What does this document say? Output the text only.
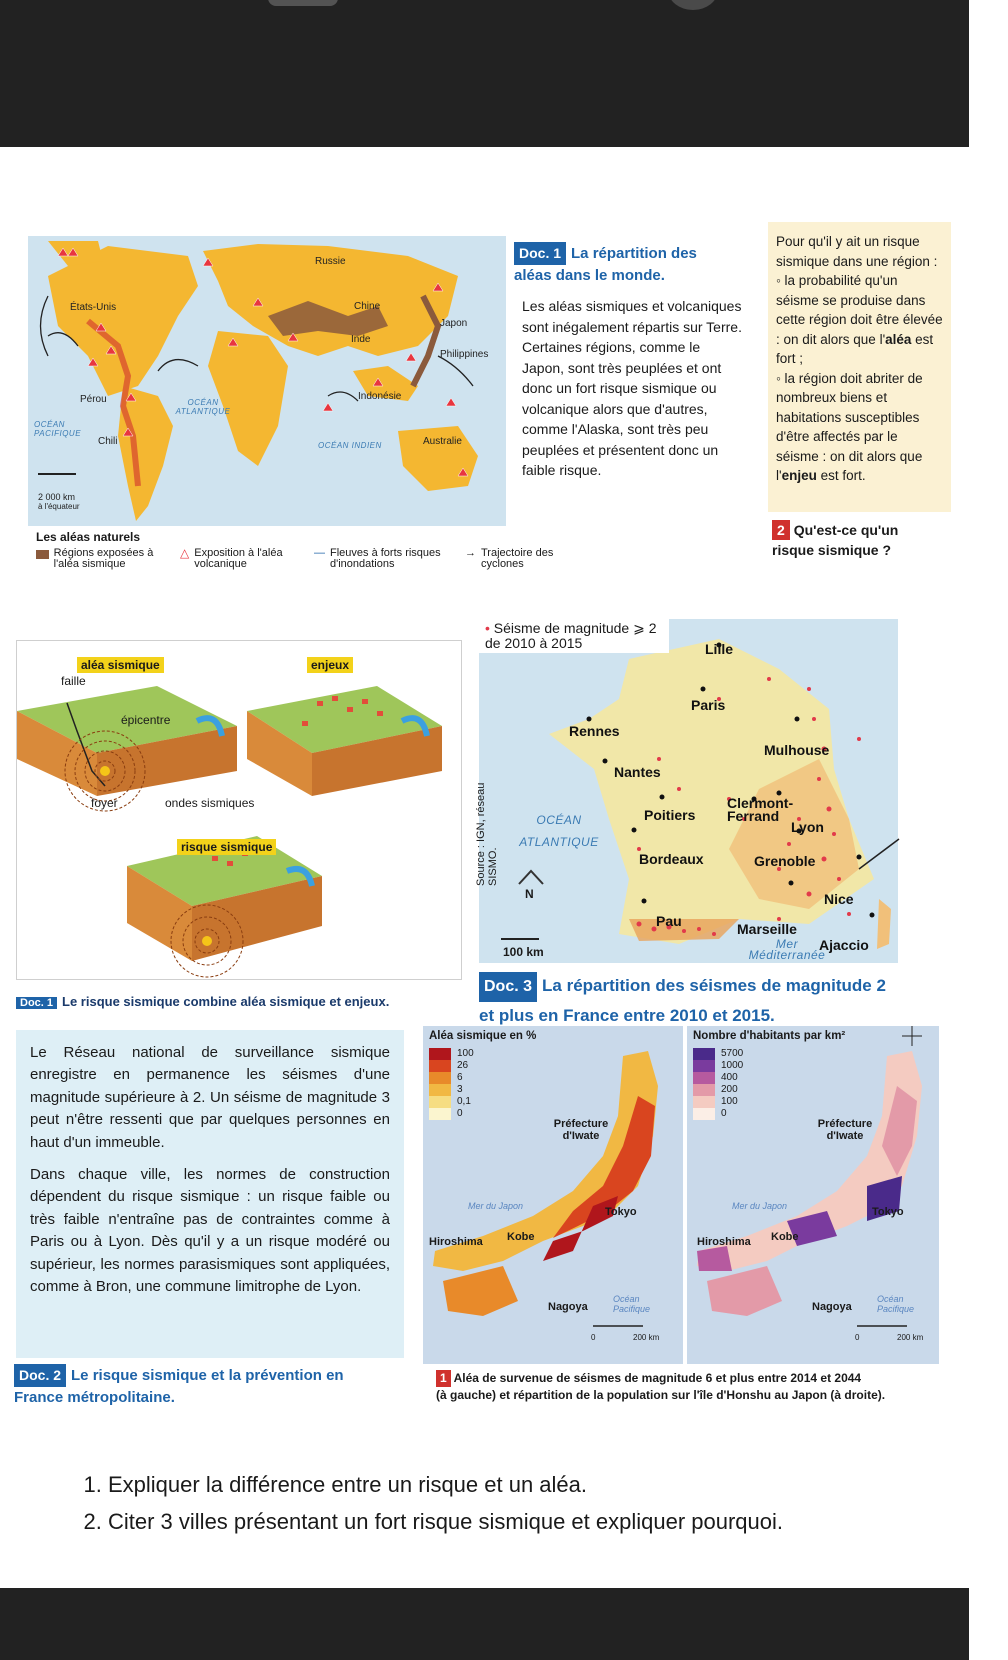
Russie
États-Unis	Chine
Japon
Inde
Philippines
Pérou	Indonésie
Chili	Australie
OCÉAN ATLANTIQUE
OCÉAN PACIFIQUE
OCÉAN INDIEN
2 000 km
à l'équateur
Doc. 1 La répartition des
aléas dans le monde.
Les aléas sismiques et volcaniques sont inégalement répartis sur Terre. Certaines régions, comme le Japon, sont très peuplées et ont donc un fort risque sismique ou volcanique alors que d'autres, comme l'Alaska, sont très peu peuplées et présentent donc un faible risque.
Pour qu'il y ait un risque sismique dans une région :
◦ la probabilité qu'un séisme se produise dans cette région doit être élevée : on dit alors que l'aléa est fort ;
◦ la région doit abriter de nombreux biens et habitations susceptibles d'être affectés par le séisme : on dit alors que l'enjeu est fort.
2 Qu'est-ce qu'un
risque sismique ?
Les aléas naturels
Régions exposées à l'aléa sismique
△ Exposition à l'aléa volcanique
— Fleuves à forts risques d'inondations
→ Trajectoire des cyclones
aléa sismique
faille
épicentre
foyer	ondes sismiques
enjeux
risque sismique
Doc. 1 Le risque sismique combine aléa sismique et enjeux.
• Séisme de magnitude ⩾ 2 de 2010 à 2015	Lille
Paris
Rennes
Mulhouse
Nantes
Poitiers
Clermont-Ferrand
Lyon
Bordeaux	Grenoble
Nice
Pau	Marseille
Ajaccio
OCÉAN ATLANTIQUE
Mer Méditerranée
Source : IGN, réseau SISMO.
N
100 km
Doc. 3 La répartition des séismes de magnitude 2
et plus en France entre 2010 et 2015.

Le Réseau national de surveillance sismique enregistre en permanence les séismes d'une magnitude supérieure à 2. Un séisme de magnitude 3 peut n'être ressenti que par quelques personnes en haut d'un immeuble.

Dans chaque ville, les normes de construction dépendent du risque sismique : un risque faible ou très faible n'entraîne pas de contraintes comme à Paris ou à Lyon. Dès qu'il y a un risque modéré ou supérieur, les normes parasismiques sont appliquées, comme à Bron, une commune limitrophe de Lyon.

Doc. 2 Le risque sismique et la prévention en
France métropolitaine.
Aléa sismique en %
100
26
6
3
0,1
0
Préfecture d'Iwate
Tokyo
Kobe
Hiroshima
Nagoya
Mer du Japon
Océan Pacifique
0	200 km
Nombre d'habitants par km²
5700
1000
400
200
100
0
Préfecture d'Iwate
Tokyo
Kobe
Hiroshima
Nagoya
Mer du Japon
Océan Pacifique
0	200 km
1 Aléa de survenue de séismes de magnitude 6 et plus entre 2014 et 2044
(à gauche) et répartition de la population sur l'île d'Honshu au Japon (à droite).
1. Expliquer la différence entre un risque et un aléa.
2. Citer 3 villes présentant un fort risque sismique et expliquer pourquoi.
